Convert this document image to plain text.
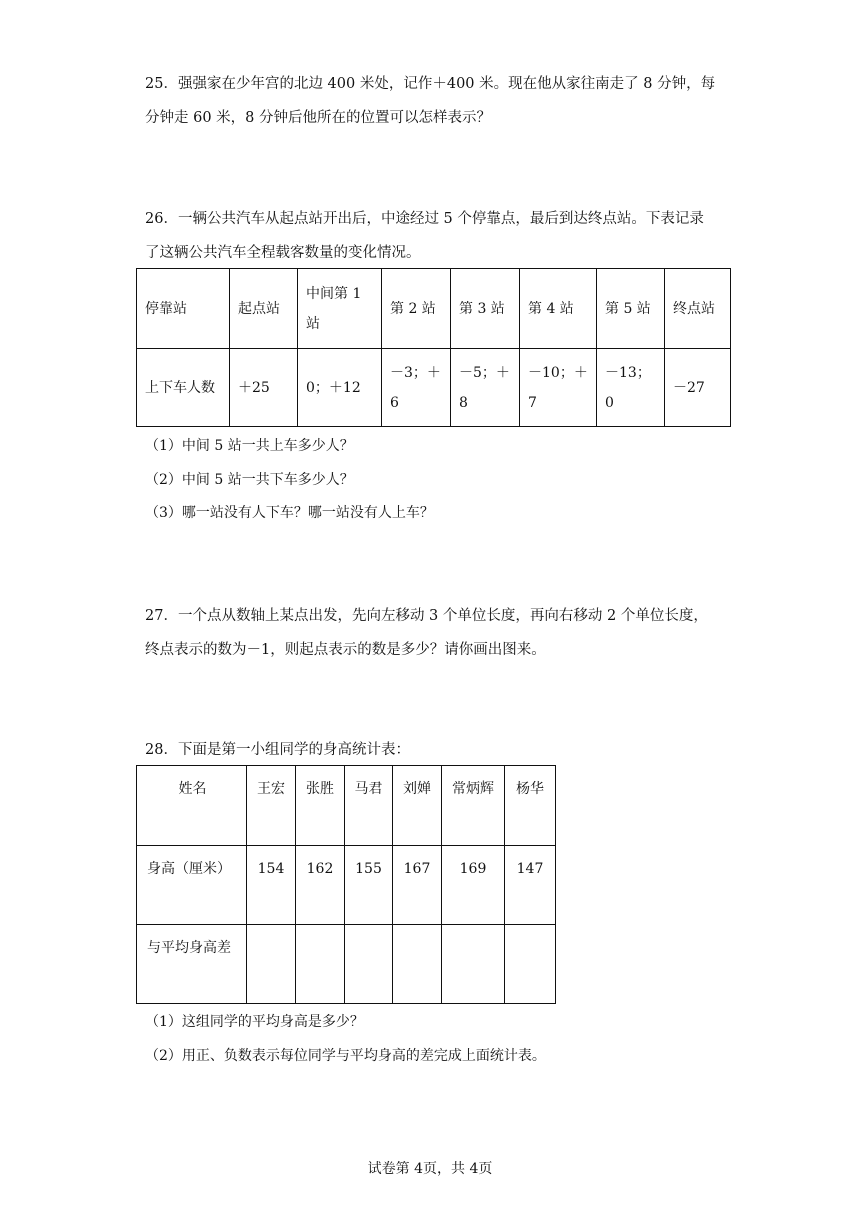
25．强强家在少年宫的北边 400 米处，记作＋400 米。现在他从家往南走了 8 分钟，每
分钟走 60 米，8 分钟后他所在的位置可以怎样表示？
26．一辆公共汽车从起点站开出后，中途经过 5 个停靠点，最后到达终点站。下表记录
了这辆公共汽车全程载客数量的变化情况。
停靠站	起点站	中间第 1 站	第 2 站	第 3 站	第 4 站	第 5 站	终点站
上下车人数	＋25	0；＋12	－3；＋6	－5；＋8	－10；＋7	－13；0	－27
（1）中间 5 站一共上车多少人？
（2）中间 5 站一共下车多少人？
（3）哪一站没有人下车？哪一站没有人上车？
27．一个点从数轴上某点出发，先向左移动 3 个单位长度，再向右移动 2 个单位长度，
终点表示的数为－1，则起点表示的数是多少？请你画出图来。
28．下面是第一小组同学的身高统计表：
姓名	王宏	张胜	马君	刘婵	常炳辉	杨华
身高（厘米）	154	162	155	167	169	147
与平均身高差						
（1）这组同学的平均身高是多少？
（2）用正、负数表示每位同学与平均身高的差完成上面统计表。
试卷第 4页，共 4页
